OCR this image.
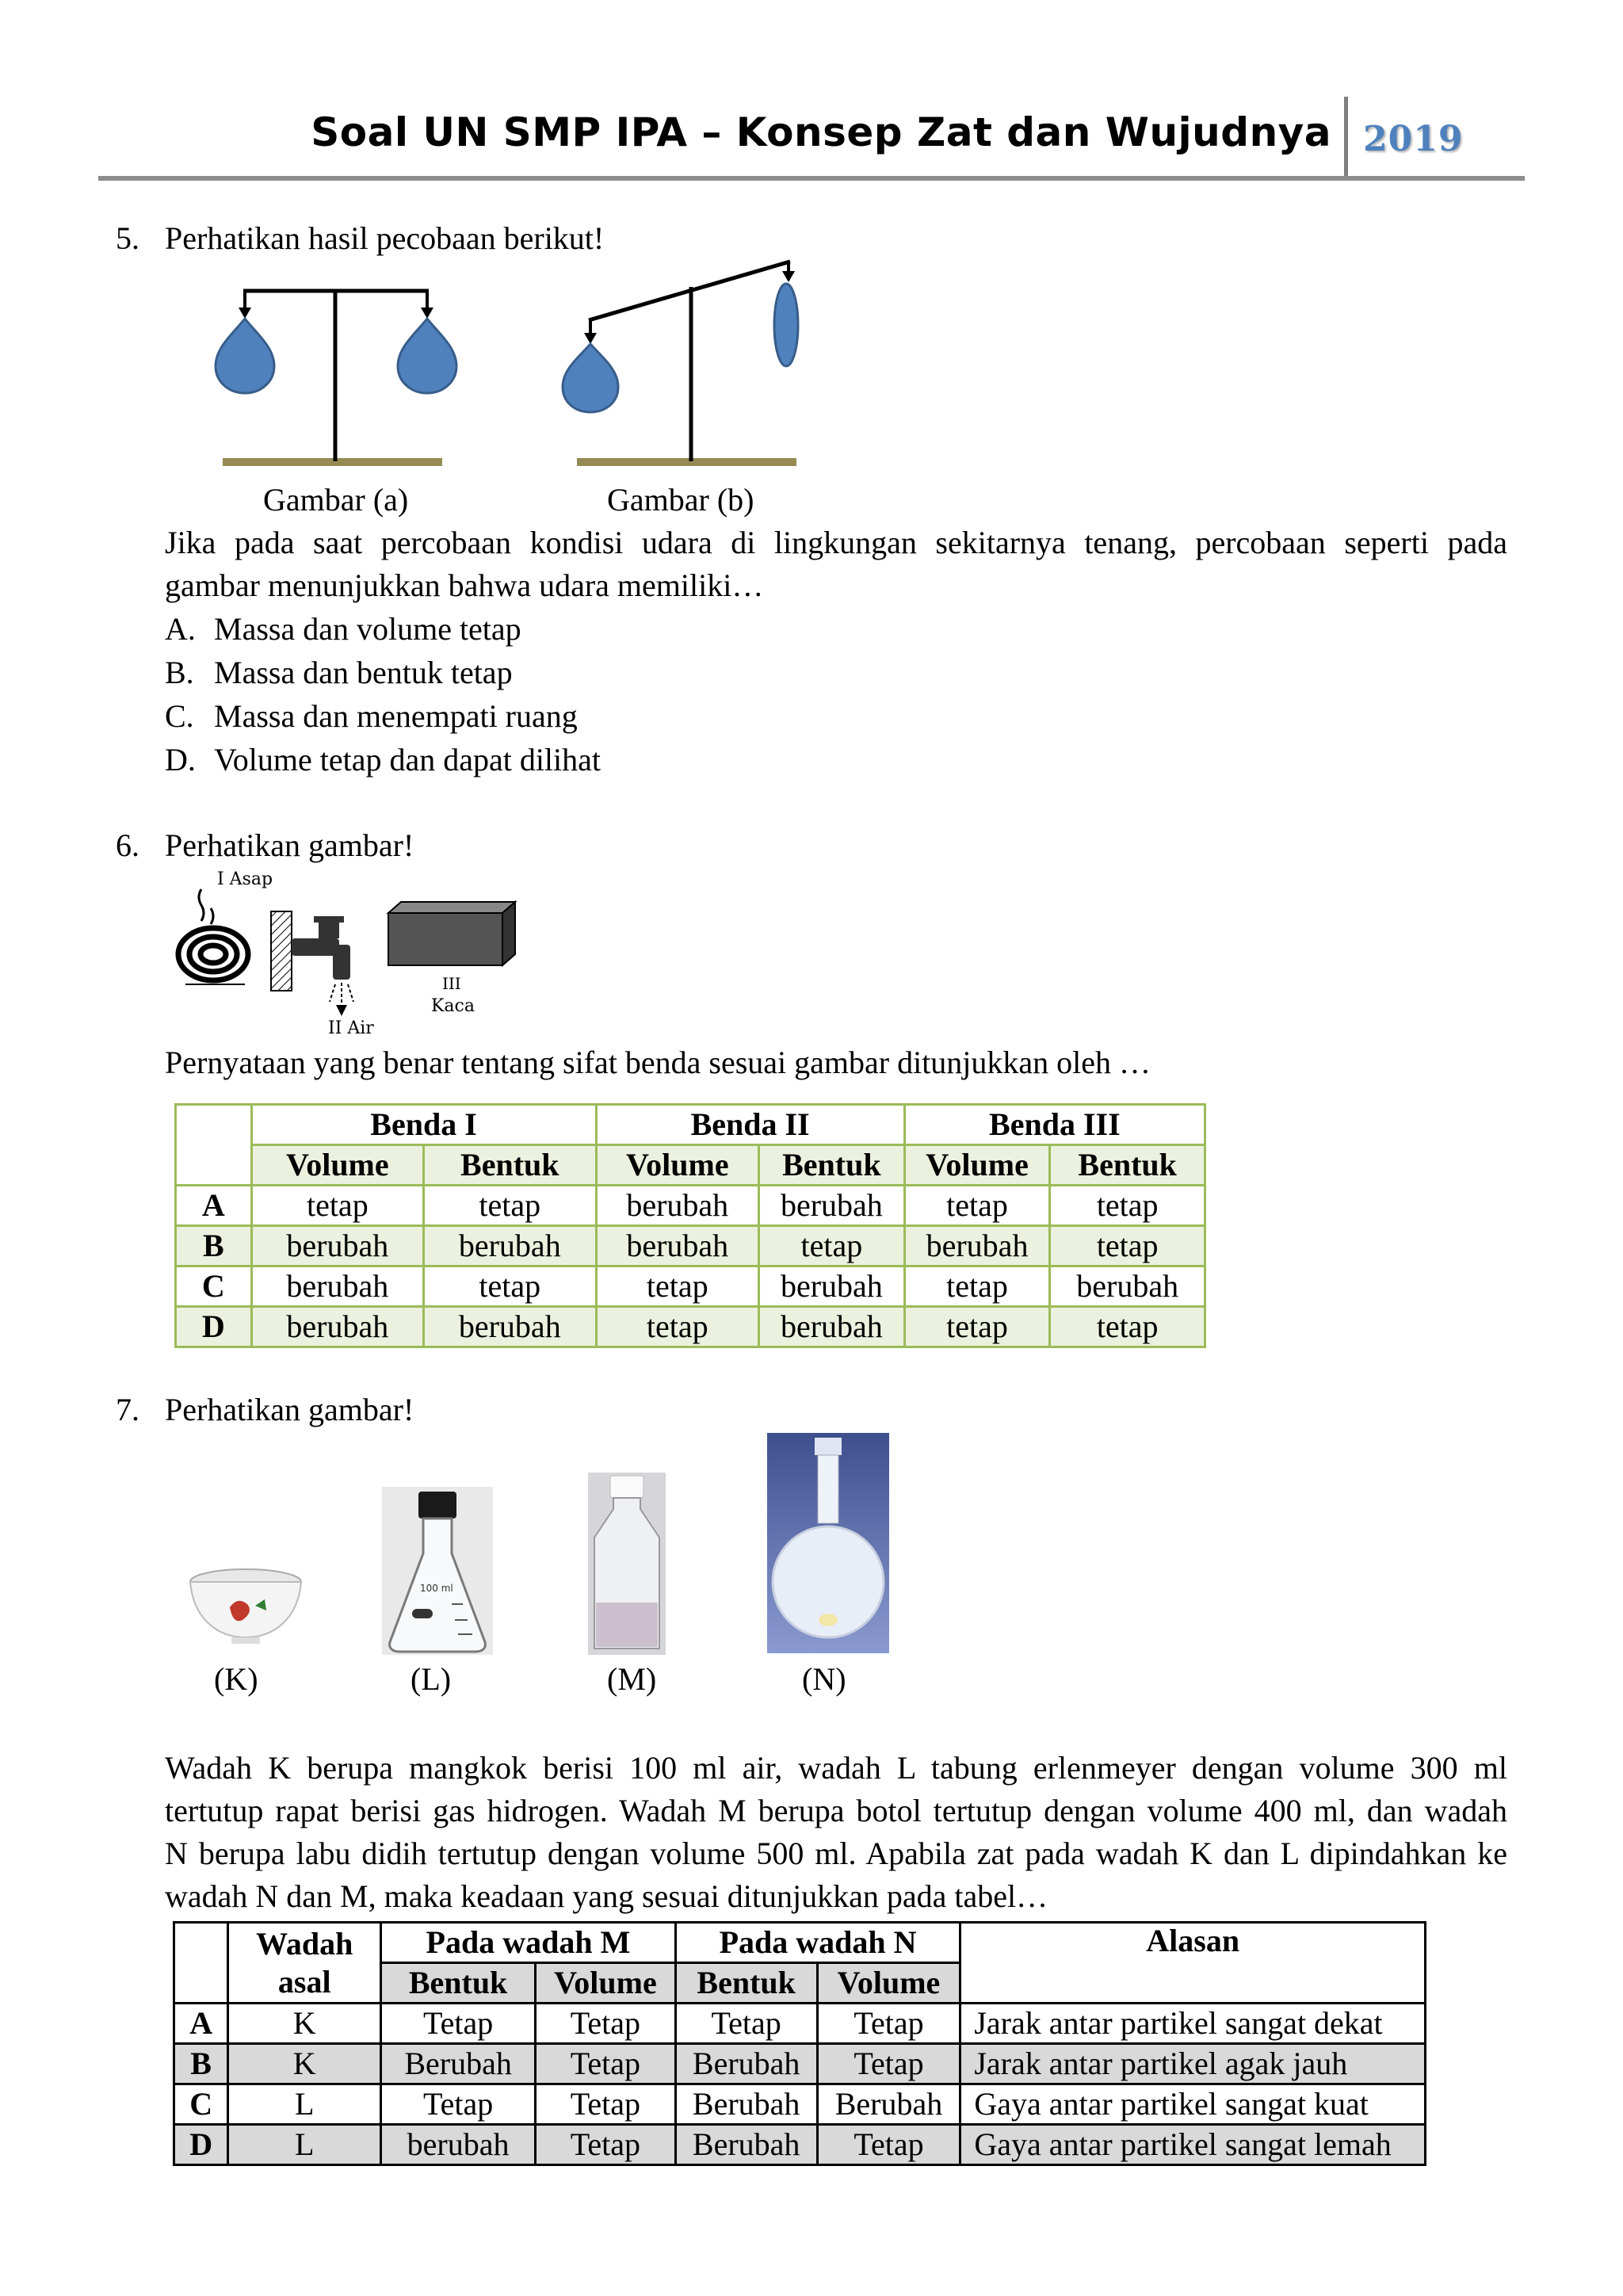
Soal UN SMP IPA – Konsep Zat dan Wujudnya 2019
5. Perhatikan hasil pecobaan berikut!
Gambar (a)	Gambar (b)
Jika pada saat percobaan kondisi udara di lingkungan sekitarnya tenang, percobaan seperti pada
gambar menunjukkan bahwa udara memiliki…
A. Massa dan volume tetap
B. Massa dan bentuk tetap
C. Massa dan menempati ruang
D. Volume tetap dan dapat dilihat
6. Perhatikan gambar!
I Asap
II Air
III
Kaca
Pernyataan yang benar tentang sifat benda sesuai gambar ditunjukkan oleh …
	Benda I		Benda II		Benda III	
	Volume	Bentuk	Volume	Bentuk	Volume	Bentuk
A	tetap	tetap	berubah	berubah	tetap	tetap
B	berubah	berubah	berubah	tetap	berubah	tetap
C	berubah	tetap	tetap	berubah	tetap	berubah
D	berubah	berubah	tetap	berubah	tetap	tetap
7. Perhatikan gambar!
100 ml
(K)	(L)	(M)	(N)
Wadah K berupa mangkok berisi 100 ml air, wadah L tabung erlenmeyer dengan volume 300 ml
tertutup rapat berisi gas hidrogen. Wadah M berupa botol tertutup dengan volume 400 ml, dan wadah
N berupa labu didih tertutup dengan volume 500 ml. Apabila zat pada wadah K dan L dipindahkan ke
wadah N dan M, maka keadaan yang sesuai ditunjukkan pada tabel…
	Wadah asal	Pada wadah M		Pada wadah N		Alasan
		Bentuk	Volume	Bentuk	Volume	
A	K	Tetap	Tetap	Tetap	Tetap	Jarak antar partikel sangat dekat
B	K	Berubah	Tetap	Berubah	Tetap	Jarak antar partikel agak jauh
C	L	Tetap	Tetap	Berubah	Berubah	Gaya antar partikel sangat kuat
D	L	berubah	Tetap	Berubah	Tetap	Gaya antar partikel sangat lemah
